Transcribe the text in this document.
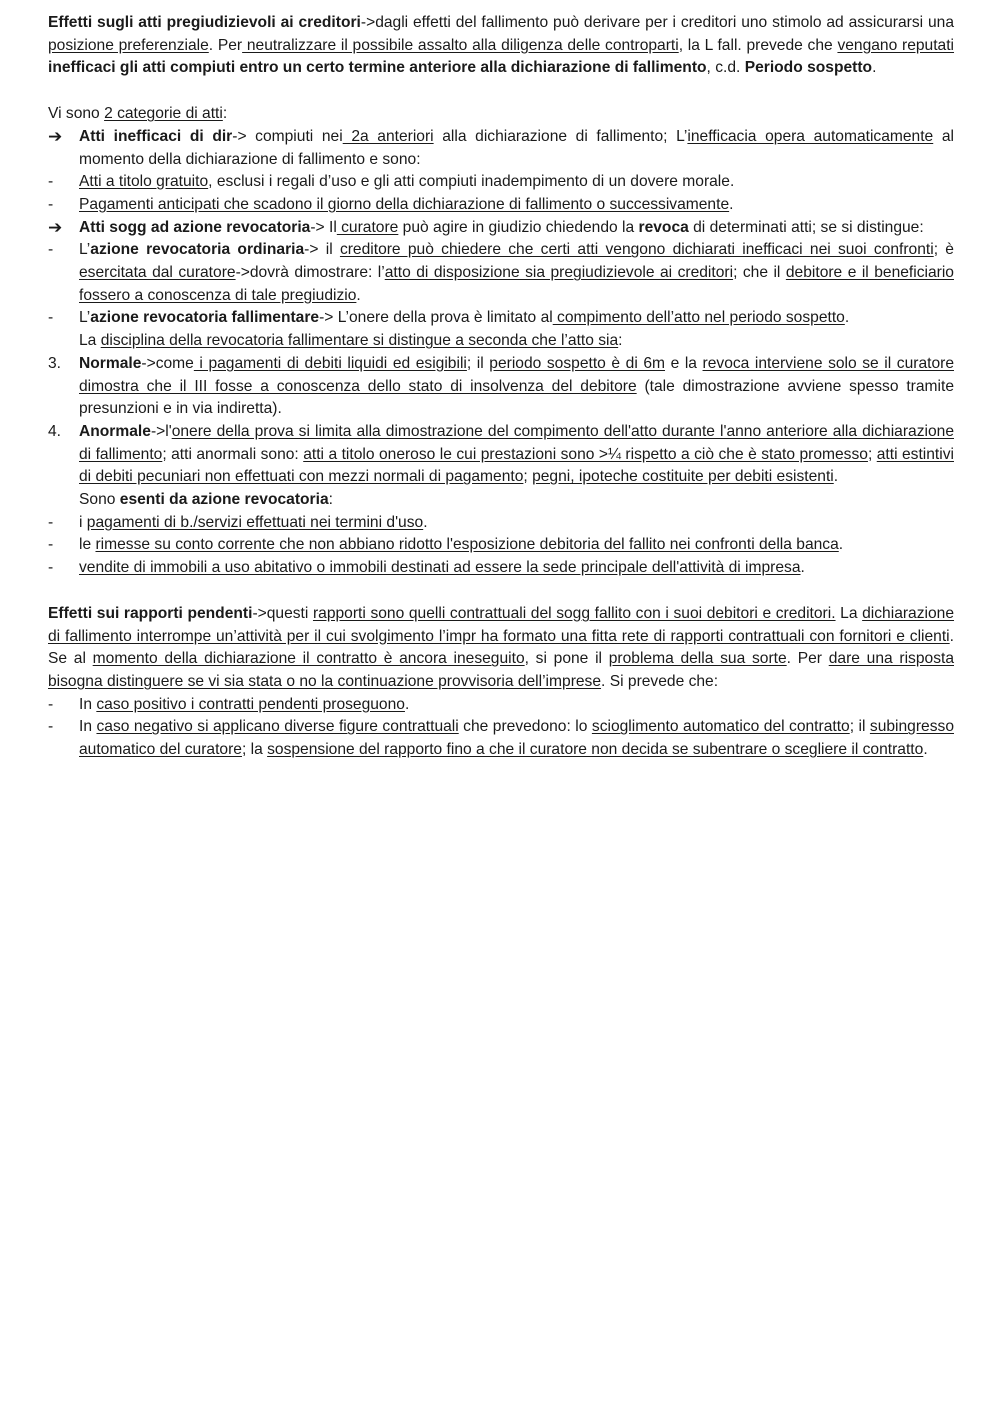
Effetti sugli atti pregiudizievoli ai creditori->dagli effetti del fallimento può derivare per i creditori uno stimolo ad assicurarsi una posizione preferenziale. Per neutralizzare il possibile assalto alla diligenza delle controparti, la L fall. prevede che vengano reputati inefficaci gli atti compiuti entro un certo termine anteriore alla dichiarazione di fallimento, c.d. Periodo sospetto.

Vi sono 2 categorie di atti:

➔ Atti inefficaci di dir-> compiuti nei 2a anteriori alla dichiarazione di fallimento; L’inefficacia opera automaticamente al momento della dichiarazione di fallimento e sono:
- Atti a titolo gratuito, esclusi i regali d’uso e gli atti compiuti inadempimento di un dovere morale.
- Pagamenti anticipati che scadono il giorno della dichiarazione di fallimento o successivamente.
➔ Atti sogg ad azione revocatoria-> Il curatore può agire in giudizio chiedendo la revoca di determinati atti; se si distingue:
- L’azione revocatoria ordinaria-> il creditore può chiedere che certi atti vengono dichiarati inefficaci nei suoi confronti; è esercitata dal curatore->dovrà dimostrare: l’atto di disposizione sia pregiudizievole ai creditori; che il debitore e il beneficiario fossero a conoscenza di tale pregiudizio.
- L’azione revocatoria fallimentare-> L’onere della prova è limitato al compimento dell’atto nel periodo sospetto.
La disciplina della revocatoria fallimentare si distingue a seconda che l’atto sia:
3. Normale->come i pagamenti di debiti liquidi ed esigibili; il periodo sospetto è di 6m e la revoca interviene solo se il curatore dimostra che il III fosse a conoscenza dello stato di insolvenza del debitore (tale dimostrazione avviene spesso tramite presunzioni e in via indiretta).
4. Anormale->l'onere della prova si limita alla dimostrazione del compimento dell'atto durante l'anno anteriore alla dichiarazione di fallimento; atti anormali sono: atti a titolo oneroso le cui prestazioni sono >¼ rispetto a ciò che è stato promesso; atti estintivi di debiti pecuniari non effettuati con mezzi normali di pagamento; pegni, ipoteche costituite per debiti esistenti.
Sono esenti da azione revocatoria:
- i pagamenti di b./servizi effettuati nei termini d'uso.
- le rimesse su conto corrente che non abbiano ridotto l'esposizione debitoria del fallito nei confronti della banca.
- vendite di immobili a uso abitativo o immobili destinati ad essere la sede principale dell'attività di impresa.

Effetti sui rapporti pendenti->questi rapporti sono quelli contrattuali del sogg fallito con i suoi debitori e creditori. La dichiarazione di fallimento interrompe un’attività per il cui svolgimento l’impr ha formato una fitta rete di rapporti contrattuali con fornitori e clienti. Se al momento della dichiarazione il contratto è ancora ineseguito, si pone il problema della sua sorte. Per dare una risposta bisogna distinguere se vi sia stata o no la continuazione provvisoria dell’imprese. Si prevede che:

- In caso positivo i contratti pendenti proseguono.
- In caso negativo si applicano diverse figure contrattuali che prevedono: lo scioglimento automatico del contratto; il subingresso automatico del curatore; la sospensione del rapporto fino a che il curatore non decida se subentrare o scegliere il contratto.
